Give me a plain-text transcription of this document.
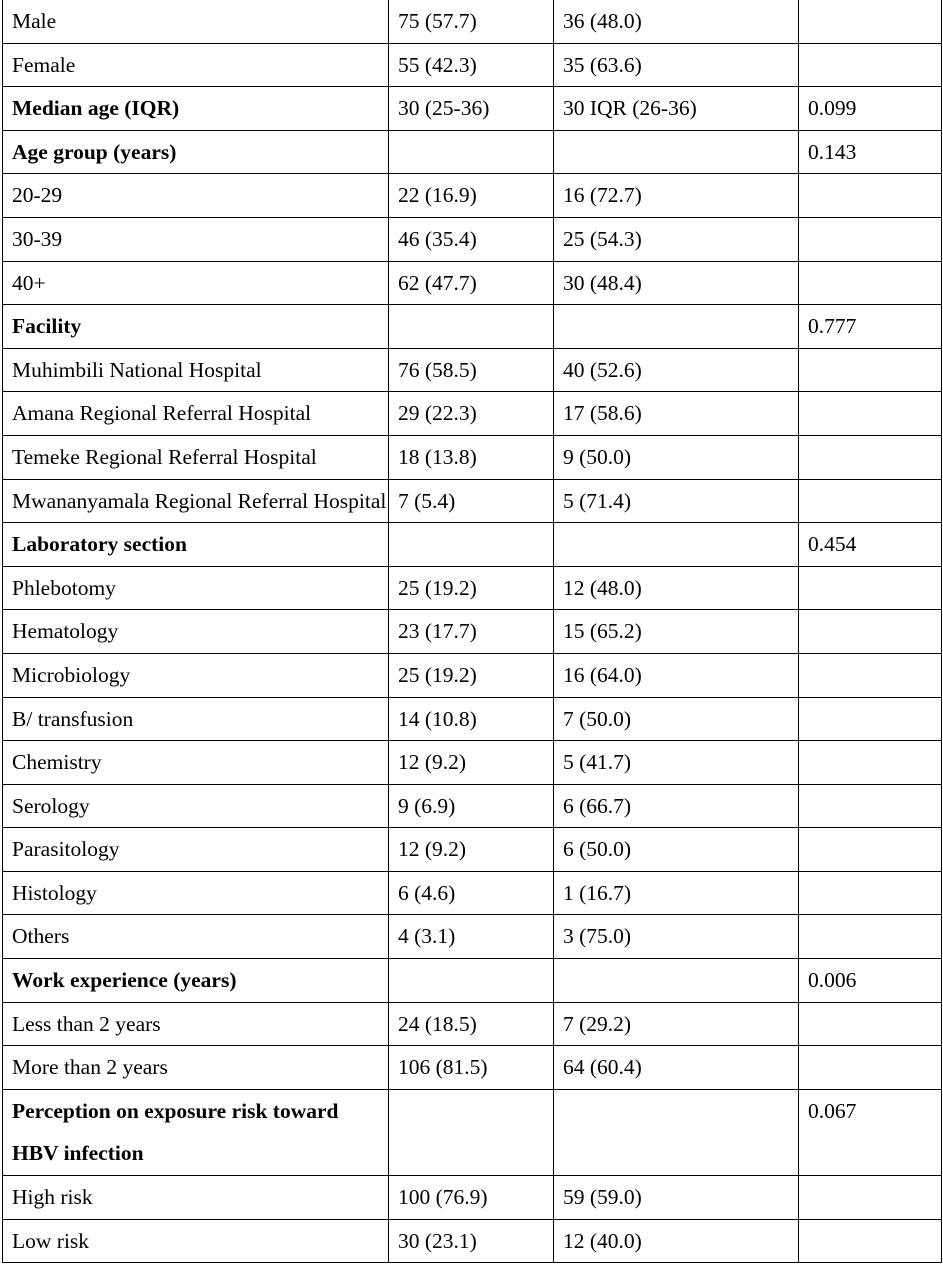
Male	75 (57.7)	36 (48.0)	
Female	55 (42.3)	35 (63.6)	
Median age (IQR)	30 (25-36)	30 IQR (26-36)	0.099
Age group (years)			0.143
20-29	22 (16.9)	16 (72.7)	
30-39	46 (35.4)	25 (54.3)	
40+	62 (47.7)	30 (48.4)	
Facility			0.777
Muhimbili National Hospital	76 (58.5)	40 (52.6)	
Amana Regional Referral Hospital	29 (22.3)	17 (58.6)	
Temeke Regional Referral Hospital	18 (13.8)	9 (50.0)	
Mwananyamala Regional Referral Hospital	7 (5.4)	5 (71.4)	
Laboratory section			0.454
Phlebotomy	25 (19.2)	12 (48.0)	
Hematology	23 (17.7)	15 (65.2)	
Microbiology	25 (19.2)	16 (64.0)	
B/ transfusion	14 (10.8)	7 (50.0)	
Chemistry	12 (9.2)	5 (41.7)	
Serology	9 (6.9)	6 (66.7)	
Parasitology	12 (9.2)	6 (50.0)	
Histology	6 (4.6)	1 (16.7)	
Others	4 (3.1)	3 (75.0)	
Work experience (years)			0.006
Less than 2 years	24 (18.5)	7 (29.2)	
More than 2 years	106 (81.5)	64 (60.4)	
Perception on exposure risk toward HBV infection			0.067
High risk	100 (76.9)	59 (59.0)	
Low risk	30 (23.1)	12 (40.0)	
